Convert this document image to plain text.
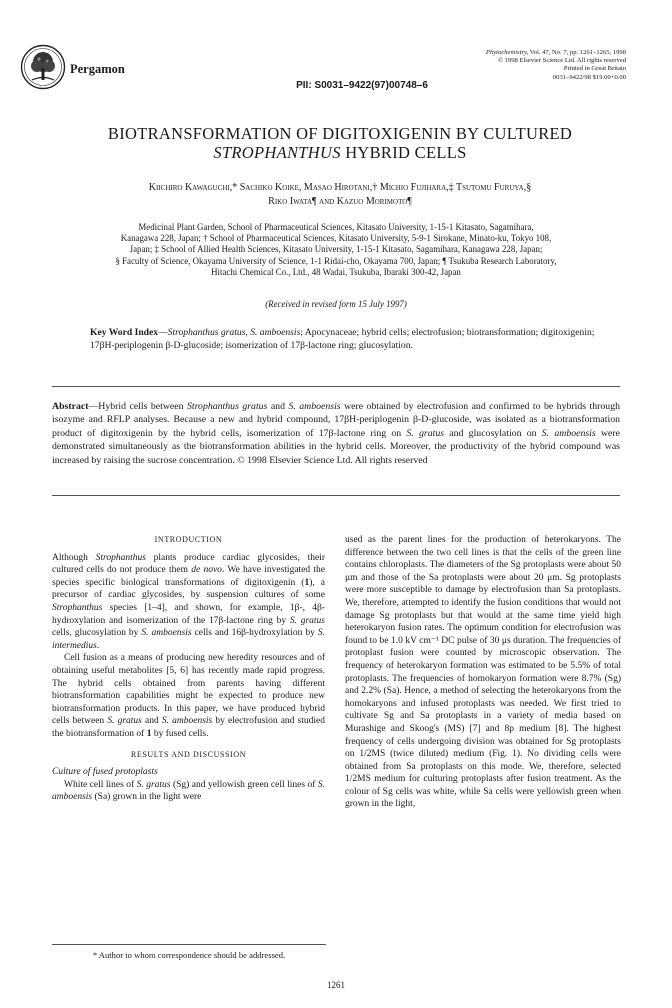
Pergamon
Phytochemistry, Vol. 47, No. 7, pp. 1261–1265, 1998
© 1998 Elsevier Science Ltd. All rights reserved
Printed in Great Britain
0031–9422/98 $19.00+0.00
PII: S0031–9422(97)00748–6
BIOTRANSFORMATION OF DIGITOXIGENIN BY CULTURED
STROPHANTHUS HYBRID CELLS
Kiichiro Kawaguchi,* Sachiko Koike, Masao Hirotani,† Michio Fujihara,‡ Tsutomu Furuya,§
Riko Iwata¶ and Kazuo Morimoto¶
Medicinal Plant Garden, School of Pharmaceutical Sciences, Kitasato University, 1-15-1 Kitasato, Sagamihara,
Kanagawa 228, Japan; † School of Pharmaceutical Sciences, Kitasato University, 5-9-1 Sirokane, Minato-ku, Tokyo 108,
Japan; ‡ School of Allied Health Sciences, Kitasato University, 1-15-1 Kitasato, Sagamihara, Kanagawa 228, Japan;
§ Faculty of Science, Okayama University of Science, 1-1 Ridai-cho, Okayama 700, Japan; ¶ Tsukuba Research Laboratory,
Hitachi Chemical Co., Ltd., 48 Wadai, Tsukuba, Ibaraki 300-42, Japan
(Received in revised form 15 July 1997)
Key Word Index—Strophanthus gratus, S. amboensis; Apocynaceae; hybrid cells; electrofusion; biotransformation; digitoxigenin; 17βH-periplogenin β-D-glucoside; isomerization of 17β-lactone ring; glucosylation.
Abstract—Hybrid cells between Strophanthus gratus and S. amboensis were obtained by electrofusion and confirmed to be hybrids through isozyme and RFLP analyses. Because a new and hybrid compound, 17βH-periplogenin β-D-glucoside, was isolated as a biotransformation product of digitoxigenin by the hybrid cells, isomerization of 17β-lactone ring on S. gratus and glucosylation on S. amboensis were demonstrated simultaneously as the biotransformation abilities in the hybrid cells. Moreover, the productivity of the hybrid compound was increased by raising the sucrose concentration. © 1998 Elsevier Science Ltd. All rights reserved

INTRODUCTION

Although Strophanthus plants produce cardiac glycosides, their cultured cells do not produce them de novo. We have investigated the species specific biological transformations of digitoxigenin (1), a precursor of cardiac glycosides, by suspension cultures of some Strophanthus species [1–4], and shown, for example, 1β-, 4β-hydroxylation and isomerization of the 17β-lactone ring by S. gratus cells, glucosylation by S. amboensis cells and 16β-hydroxylation by S. intermedius.

Cell fusion as a means of producing new heredity resources and of obtaining useful metabolites [5, 6] has recently made rapid progress. The hybrid cells obtained from parents having different biotransformation capabilities might be expected to produce new biotransformation products. In this paper, we have produced hybrid cells between S. gratus and S. amboensis by electrofusion and studied the biotransformation of 1 by fused cells.

RESULTS AND DISCUSSION

Culture of fused protoplasts

White cell lines of S. gratus (Sg) and yellowish green cell lines of S. amboensis (Sa) grown in the light were

used as the parent lines for the production of heterokaryons. The difference between the two cell lines is that the cells of the green line contains chloroplasts. The diameters of the Sg protoplasts were about 50 μm and those of the Sa protoplasts were about 20 μm. Sg protoplasts were more susceptible to damage by electrofusion than Sa protoplasts. We, therefore, attempted to identify the fusion conditions that would not damage Sg protoplasts but that would at the same time yield high heterokaryon fusion rates. The optimum condition for electrofusion was found to be 1.0 kV cm⁻¹ DC pulse of 30 μs duration. The frequencies of protoplast fusion were counted by microscopic observation. The frequency of heterokaryon formation was estimated to be 5.5% of total protoplasts. The frequencies of homokaryon formation were 8.7% (Sg) and 2.2% (Sa). Hence, a method of selecting the heterokaryons from the homokaryons and infused protoplasts was needed. We first tried to cultivate Sg and Sa protoplasts in a variety of media based on Murashige and Skoog's (MS) [7] and 8p medium [8]. The highest frequency of cells undergoing division was obtained for Sg protoplasts on 1/2MS (twice diluted) medium (Fig. 1). No dividing cells were obtained from Sa protoplasts on this mode. We, therefore, selected 1/2MS medium for culturing protoplasts after fusion treatment. As the colour of Sg cells was white, while Sa cells were yellowish green when grown in the light,

* Author to whom correspondence should be addressed.
1261
